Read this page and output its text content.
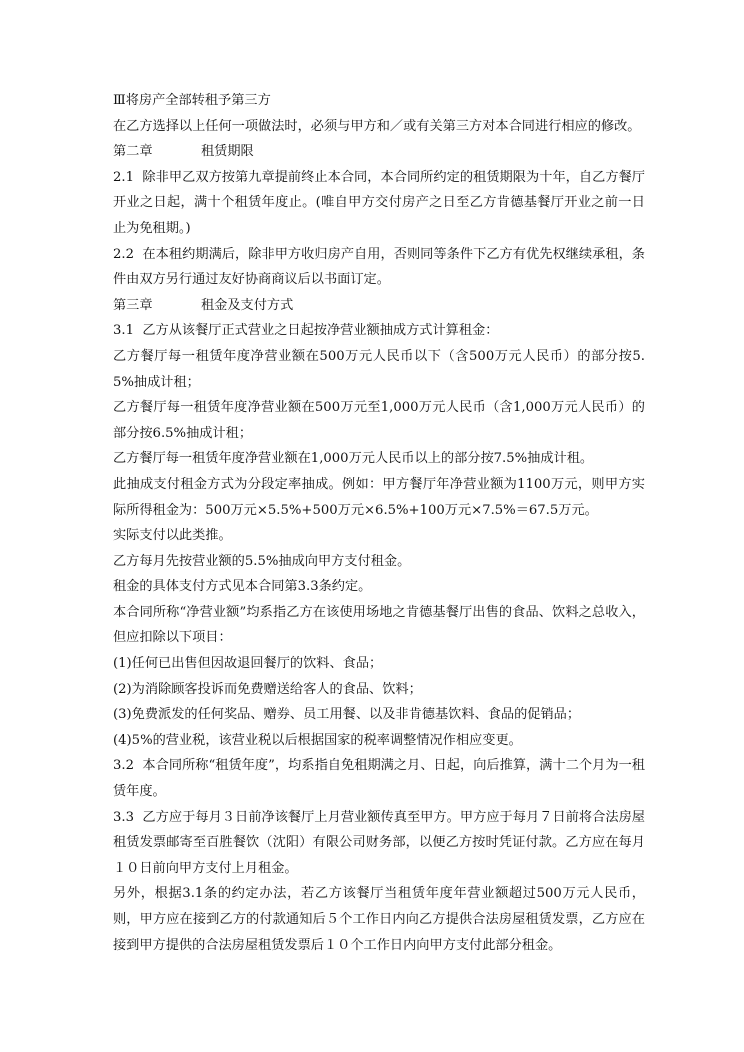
Ⅲ将房产全部转租予第三方

在乙方选择以上任何一项做法时，必须与甲方和／或有关第三方对本合同进行相应的修改。

第二章	租赁期限

2.1  除非甲乙双方按第九章提前终止本合同，本合同所约定的租赁期限为十年，自乙方餐厅开业之日起，满十个租赁年度止。(唯自甲方交付房产之日至乙方肯德基餐厅开业之前一日止为免租期。)

2.2  在本租约期满后，除非甲方收归房产自用，否则同等条件下乙方有优先权继续承租，条件由双方另行通过友好协商商议后以书面订定。

第三章	租金及支付方式

3.1  乙方从该餐厅正式营业之日起按净营业额抽成方式计算租金：

乙方餐厅每一租赁年度净营业额在500万元人民币以下（含500万元人民币）的部分按5.5%抽成计租；

乙方餐厅每一租赁年度净营业额在500万元至1,000万元人民币（含1,000万元人民币）的部分按6.5%抽成计租；

乙方餐厅每一租赁年度净营业额在1,000万元人民币以上的部分按7.5%抽成计租。

此抽成支付租金方式为分段定率抽成。例如：甲方餐厅年净营业额为1100万元，则甲方实际所得租金为：500万元×5.5%+500万元×6.5%+100万元×7.5%＝67.5万元。

实际支付以此类推。

乙方每月先按营业额的5.5%抽成向甲方支付租金。

租金的具体支付方式见本合同第3.3条约定。

本合同所称“净营业额”均系指乙方在该使用场地之肯德基餐厅出售的食品、饮料之总收入，但应扣除以下项目：

(1)任何已出售但因故退回餐厅的饮料、食品；

(2)为消除顾客投诉而免费赠送给客人的食品、饮料；

(3)免费派发的任何奖品、赠券、员工用餐、以及非肯德基饮料、食品的促销品；

(4)5%的营业税，该营业税以后根据国家的税率调整情况作相应变更。

3.2  本合同所称“租赁年度”，均系指自免租期满之月、日起，向后推算，满十二个月为一租赁年度。

3.3  乙方应于每月３日前净该餐厅上月营业额传真至甲方。甲方应于每月７日前将合法房屋租赁发票邮寄至百胜餐饮（沈阳）有限公司财务部，以便乙方按时凭证付款。乙方应在每月１０日前向甲方支付上月租金。

另外，根据3.1条的约定办法，若乙方该餐厅当租赁年度年营业额超过500万元人民币，则，甲方应在接到乙方的付款通知后５个工作日内向乙方提供合法房屋租赁发票，乙方应在接到甲方提供的合法房屋租赁发票后１０个工作日内向甲方支付此部分租金。
